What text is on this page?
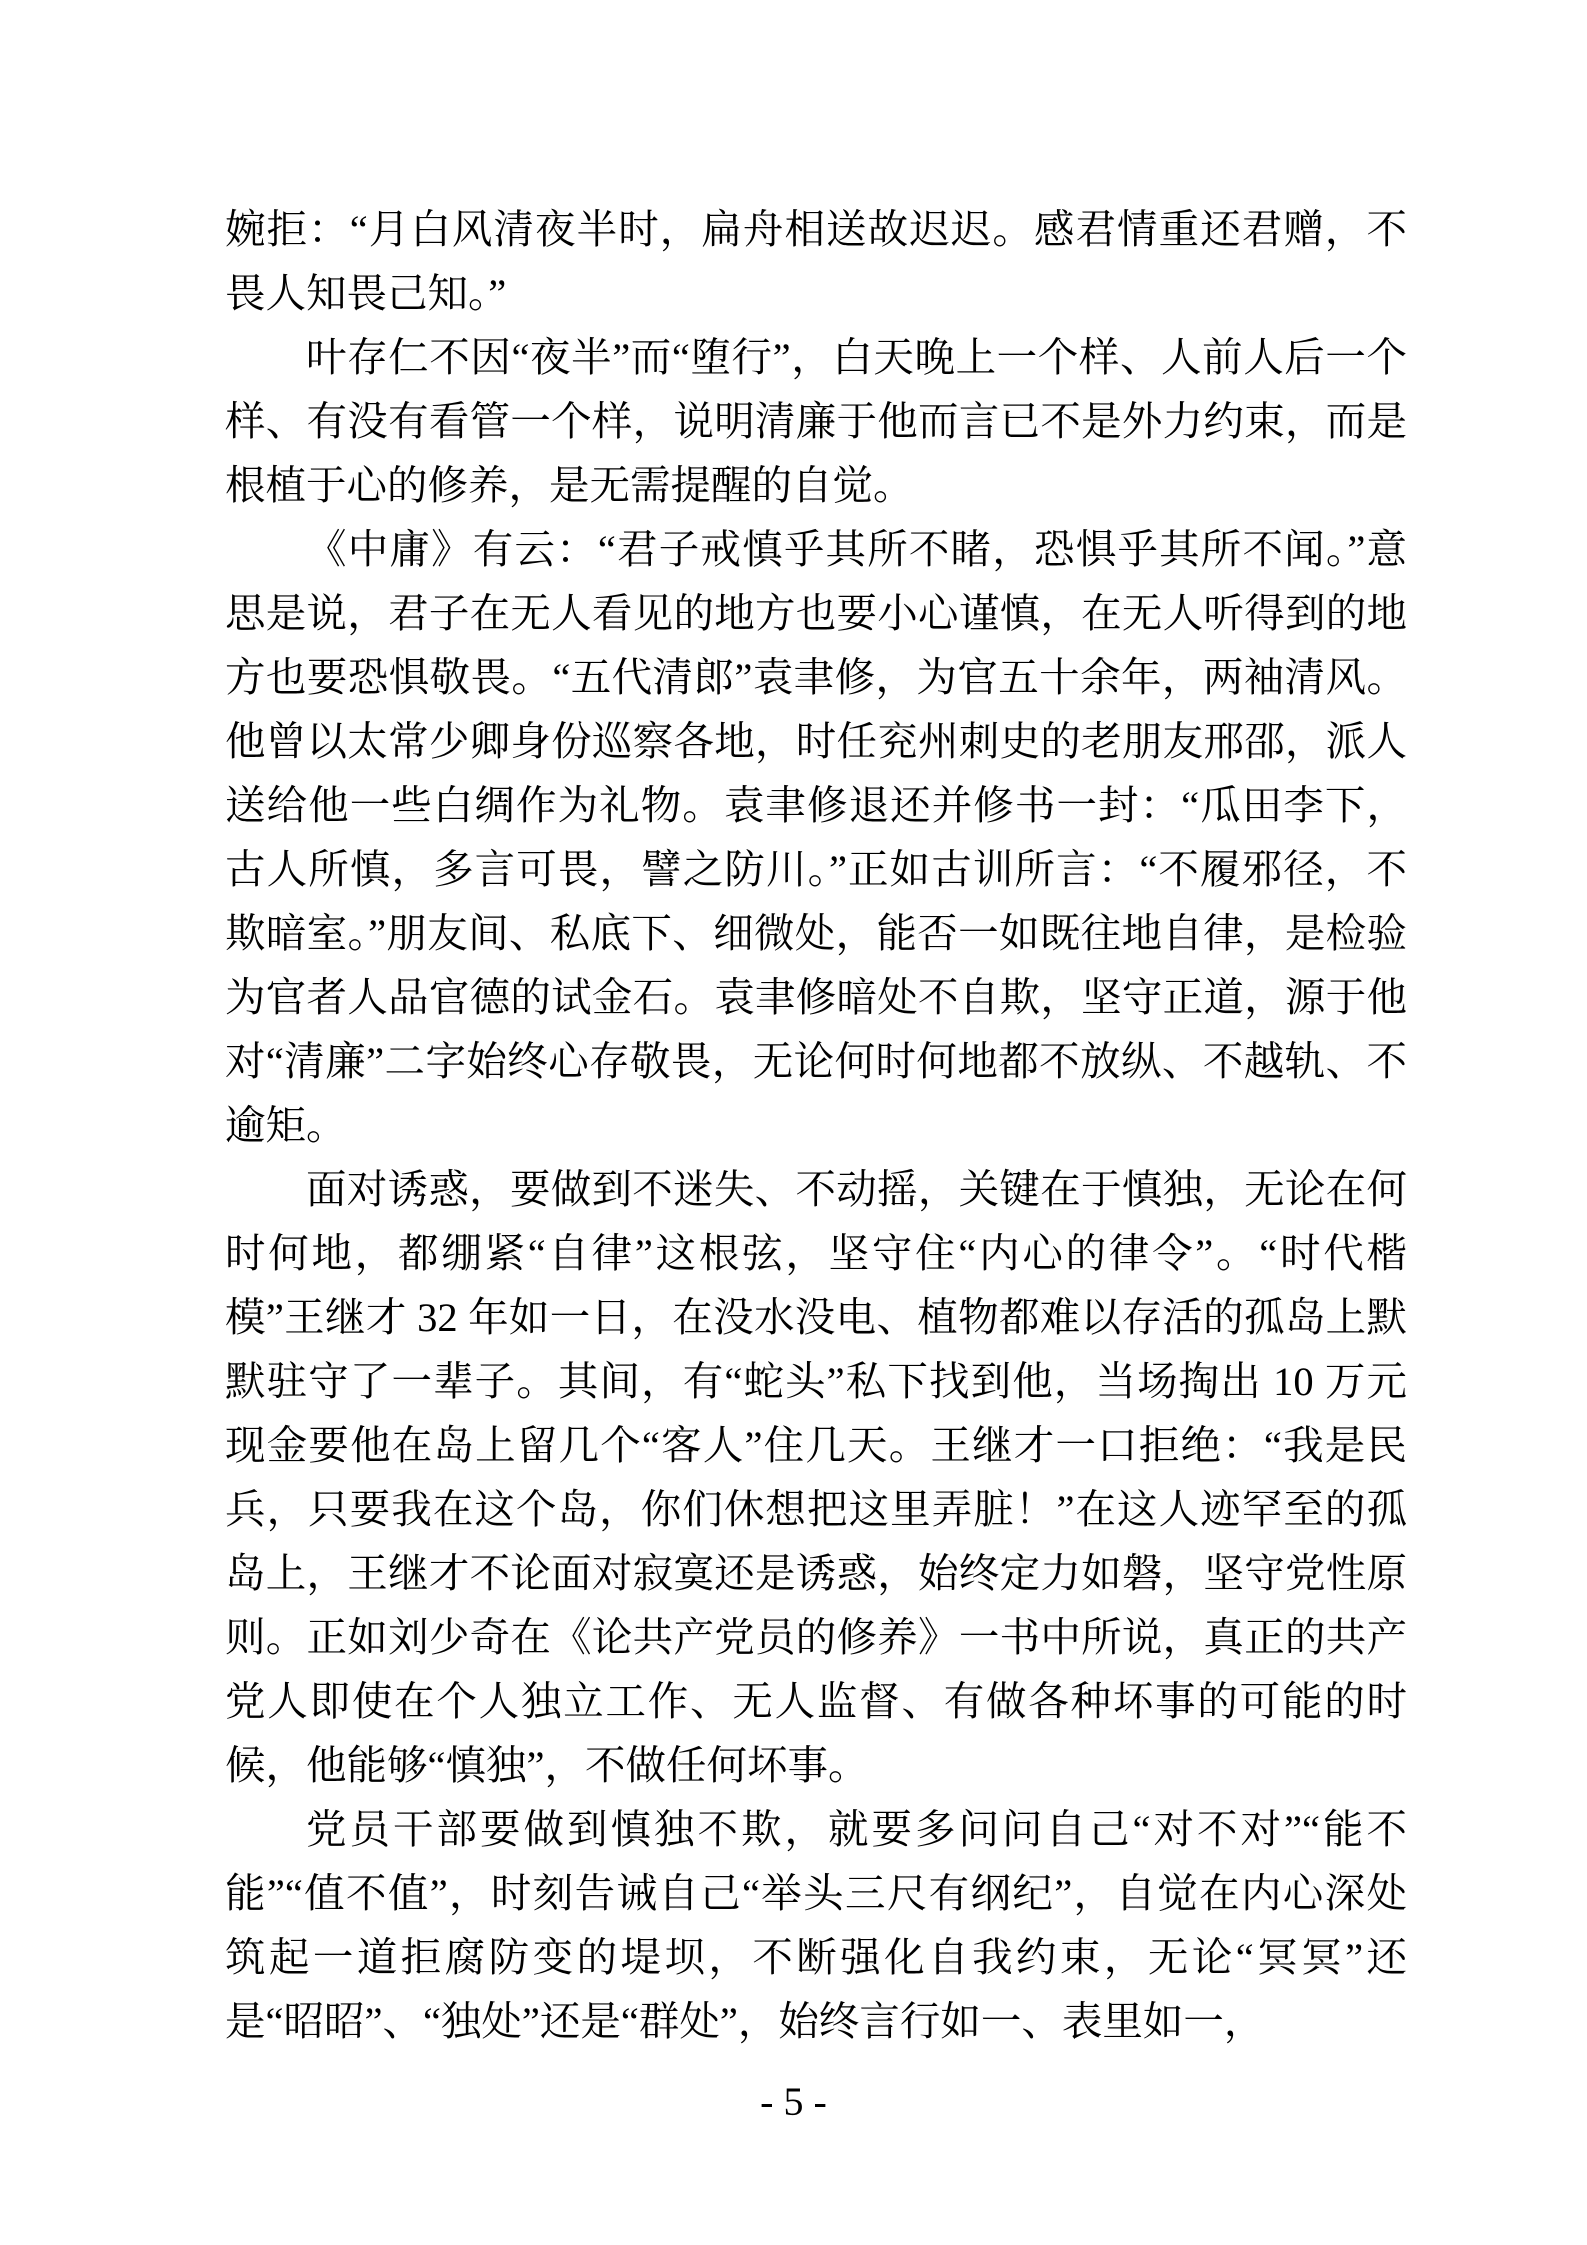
婉拒：“月白风清夜半时，扁舟相送故迟迟。感君情重还君赠，不畏人知畏己知。”

叶存仁不因“夜半”而“堕行”，白天晚上一个样、人前人后一个样、有没有看管一个样，说明清廉于他而言已不是外力约束，而是根植于心的修养，是无需提醒的自觉。

《中庸》有云：“君子戒慎乎其所不睹，恐惧乎其所不闻。”意思是说，君子在无人看见的地方也要小心谨慎，在无人听得到的地方也要恐惧敬畏。“五代清郎”袁聿修，为官五十余年，两袖清风。他曾以太常少卿身份巡察各地，时任兖州刺史的老朋友邢邵，派人送给他一些白绸作为礼物。袁聿修退还并修书一封：“瓜田李下，古人所慎，多言可畏，譬之防川。”正如古训所言：“不履邪径，不欺暗室。”朋友间、私底下、细微处，能否一如既往地自律，是检验为官者人品官德的试金石。袁聿修暗处不自欺，坚守正道，源于他对“清廉”二字始终心存敬畏，无论何时何地都不放纵、不越轨、不逾矩。

面对诱惑，要做到不迷失、不动摇，关键在于慎独，无论在何时何地，都绷紧“自律”这根弦，坚守住“内心的律令”。“时代楷模”王继才 32 年如一日，在没水没电、植物都难以存活的孤岛上默默驻守了一辈子。其间，有“蛇头”私下找到他，当场掏出 10 万元现金要他在岛上留几个“客人”住几天。王继才一口拒绝：“我是民兵，只要我在这个岛，你们休想把这里弄脏！”在这人迹罕至的孤岛上，王继才不论面对寂寞还是诱惑，始终定力如磐，坚守党性原则。正如刘少奇在《论共产党员的修养》一书中所说，真正的共产党人即使在个人独立工作、无人监督、有做各种坏事的可能的时候，他能够“慎独”，不做任何坏事。

党员干部要做到慎独不欺，就要多问问自己“对不对”“能不能”“值不值”，时刻告诫自己“举头三尺有纲纪”，自觉在内心深处筑起一道拒腐防变的堤坝，不断强化自我约束，无论“冥冥”还是“昭昭”、“独处”还是“群处”，始终言行如一、表里如一，

- 5 -
